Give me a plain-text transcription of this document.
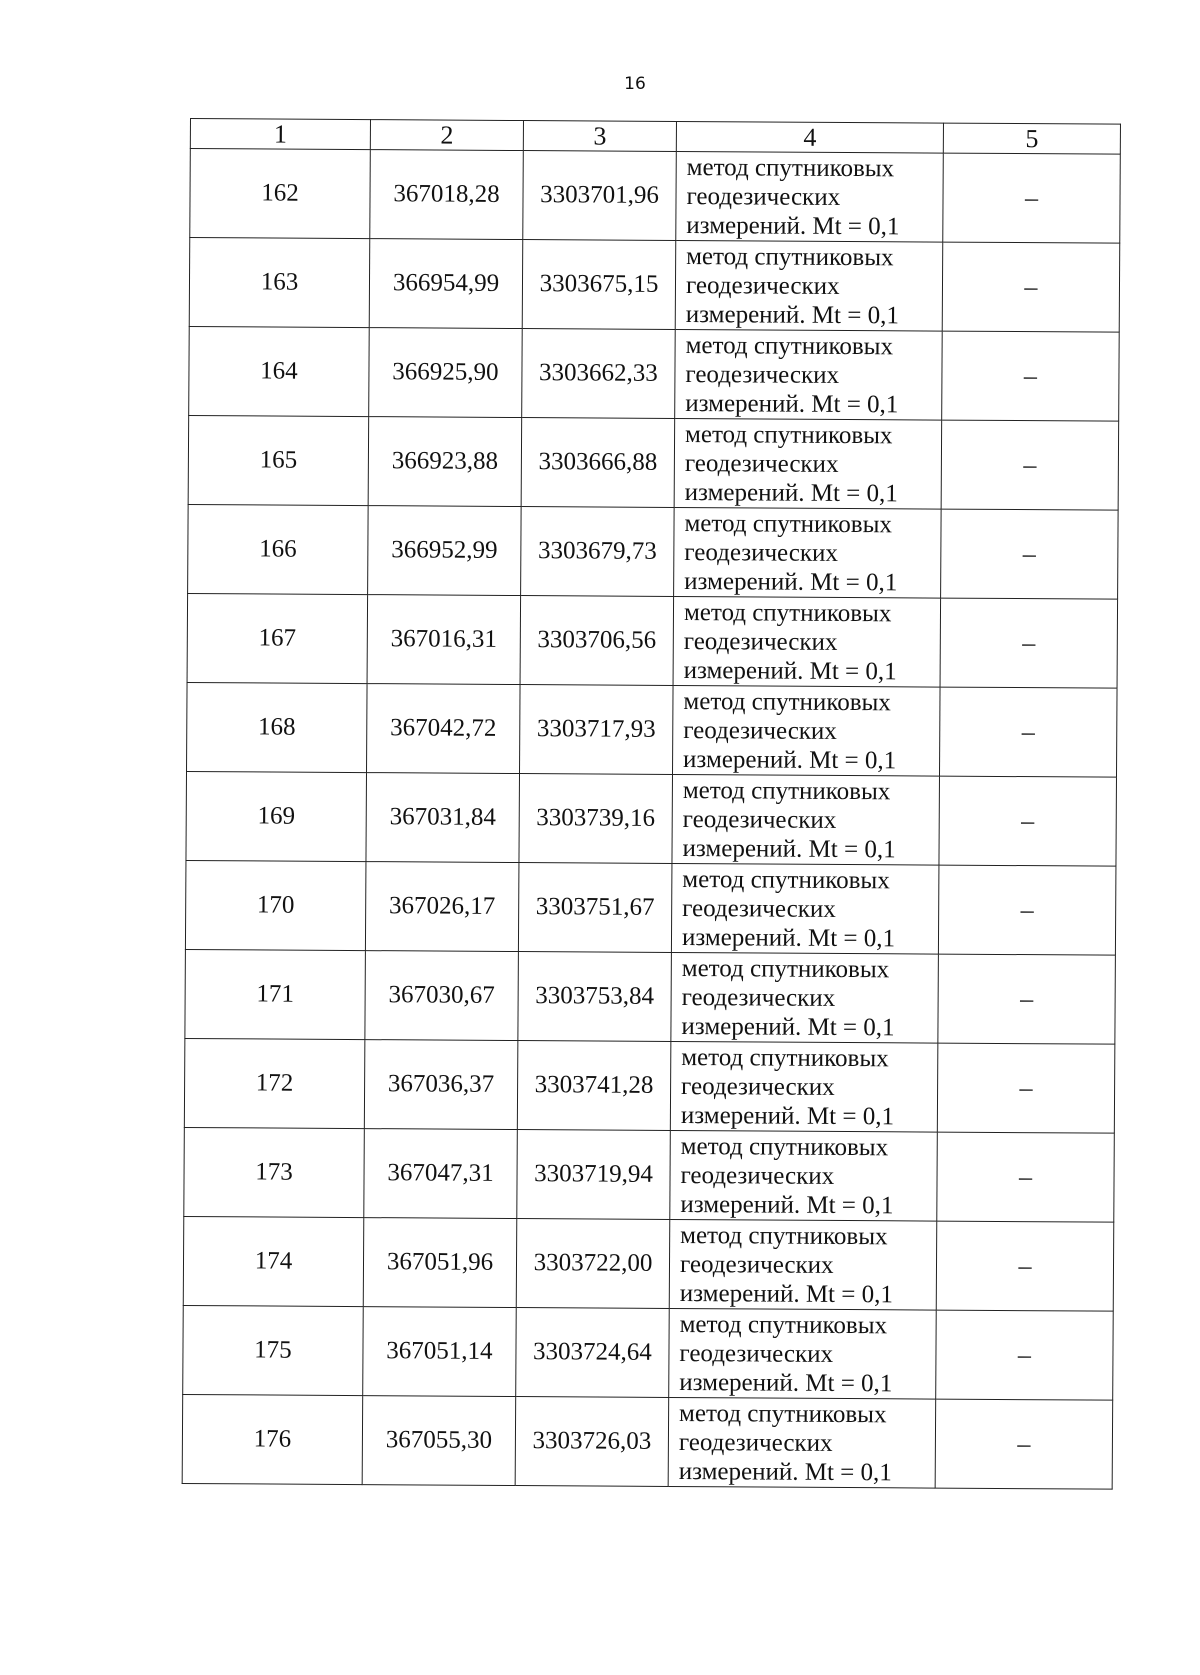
16
1	2	3	4	5
162	367018,28	3303701,96	метод спутниковых
геодезических
измерений. Mt = 0,1	–
163	366954,99	3303675,15	метод спутниковых
геодезических
измерений. Mt = 0,1	–
164	366925,90	3303662,33	метод спутниковых
геодезических
измерений. Mt = 0,1	–
165	366923,88	3303666,88	метод спутниковых
геодезических
измерений. Mt = 0,1	–
166	366952,99	3303679,73	метод спутниковых
геодезических
измерений. Mt = 0,1	–
167	367016,31	3303706,56	метод спутниковых
геодезических
измерений. Mt = 0,1	–
168	367042,72	3303717,93	метод спутниковых
геодезических
измерений. Mt = 0,1	–
169	367031,84	3303739,16	метод спутниковых
геодезических
измерений. Mt = 0,1	–
170	367026,17	3303751,67	метод спутниковых
геодезических
измерений. Mt = 0,1	–
171	367030,67	3303753,84	метод спутниковых
геодезических
измерений. Mt = 0,1	–
172	367036,37	3303741,28	метод спутниковых
геодезических
измерений. Mt = 0,1	–
173	367047,31	3303719,94	метод спутниковых
геодезических
измерений. Mt = 0,1	–
174	367051,96	3303722,00	метод спутниковых
геодезических
измерений. Mt = 0,1	–
175	367051,14	3303724,64	метод спутниковых
геодезических
измерений. Mt = 0,1	–
176	367055,30	3303726,03	метод спутниковых
геодезических
измерений. Mt = 0,1	–
